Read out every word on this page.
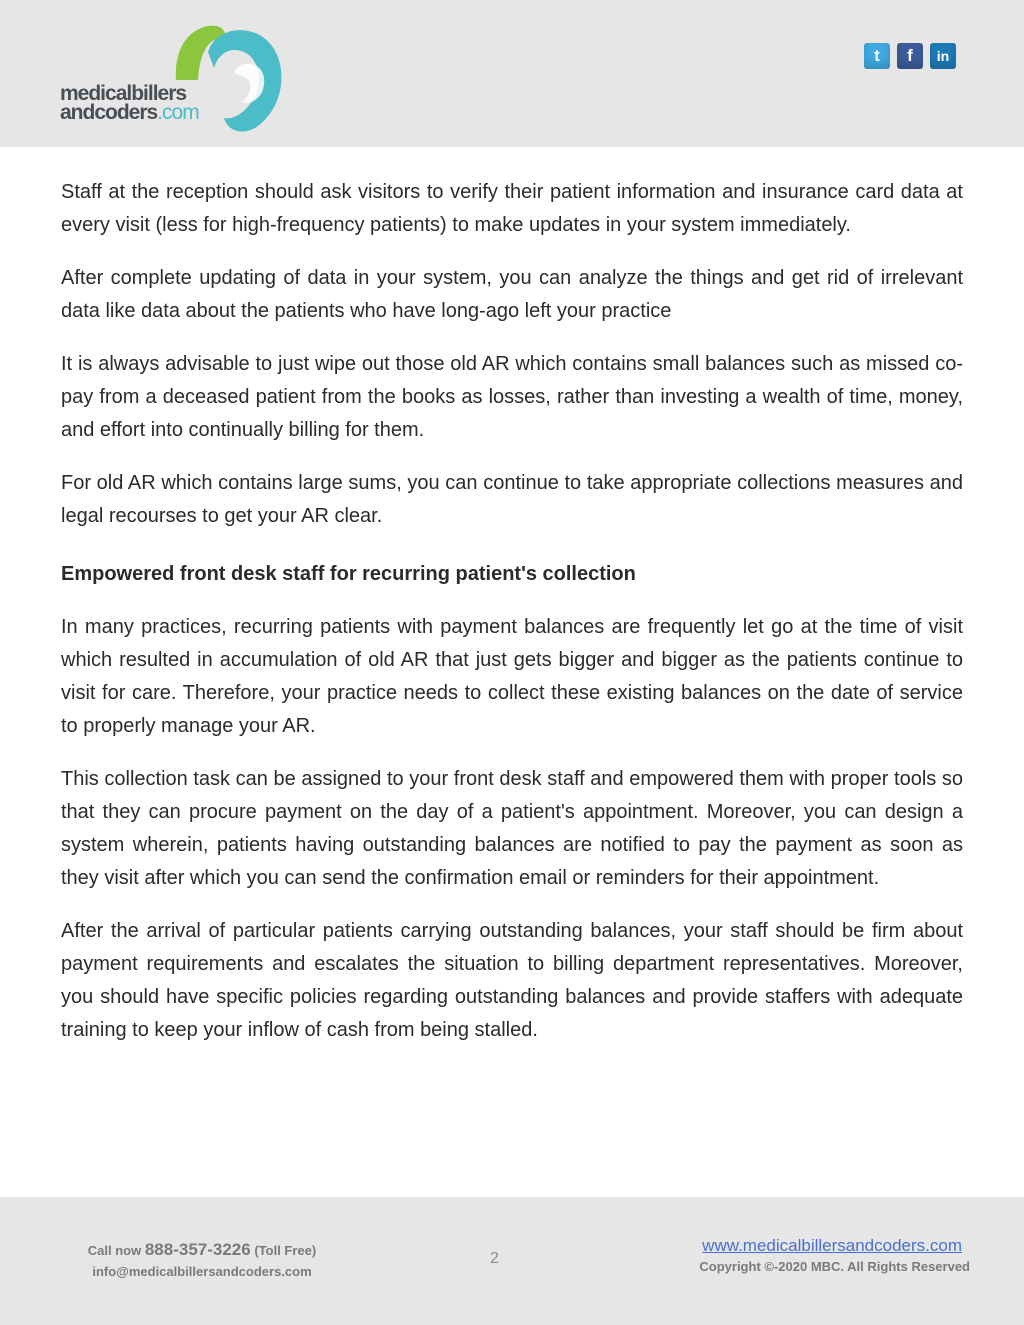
medicalbillers
andcoders.com
t	f	in

Staff at the reception should ask visitors to verify their patient information and insurance card data at every visit (less for high-frequency patients) to make updates in your system immediately.

After complete updating of data in your system, you can analyze the things and get rid of irrelevant data like data about the patients who have long-ago left your practice

It is always advisable to just wipe out those old AR which contains small balances such as missed co-pay from a deceased patient from the books as losses, rather than investing a wealth of time, money, and effort into continually billing for them.

For old AR which contains large sums, you can continue to take appropriate collections measures and legal recourses to get your AR clear.

Empowered front desk staff for recurring patient's collection

In many practices, recurring patients with payment balances are frequently let go at the time of visit which resulted in accumulation of old AR that just gets bigger and bigger as the patients continue to visit for care. Therefore, your practice needs to collect these existing balances on the date of service to properly manage your AR.

This collection task can be assigned to your front desk staff and empowered them with proper tools so that they can procure payment on the day of a patient's appointment. Moreover, you can design a system wherein, patients having outstanding balances are notified to pay the payment as soon as they visit after which you can send the confirmation email or reminders for their appointment.

After the arrival of particular patients carrying outstanding balances, your staff should be firm about payment requirements and escalates the situation to billing department representatives. Moreover, you should have specific policies regarding outstanding balances and provide staffers with adequate training to keep your inflow of cash from being stalled.

Call now 888-357-3226 (Toll Free)
info@medicalbillersandcoders.com
2
www.medicalbillersandcoders.com
Copyright ©-2020 MBC. All Rights Reserved
